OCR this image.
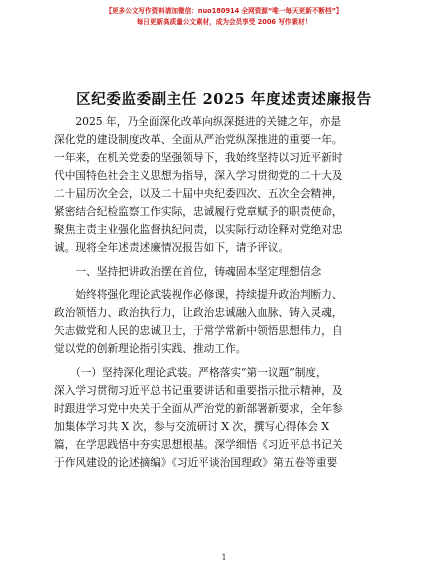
【更多公文写作资料请加微信：nuo180914 全网资源“唯一每天更新不断档”】
每日更新高质量公文素材，成为会员享受 2006 写作素材！
区纪委监委副主任 2025 年度述责述廉报告
　　2025 年，乃全面深化改革向纵深挺进的关键之年，亦是
深化党的建设制度改革、全面从严治党纵深推进的重要一年。
一年来，在机关党委的坚强领导下，我始终坚持以习近平新时
代中国特色社会主义思想为指导，深入学习贯彻党的二十大及
二十届历次全会，以及二十届中央纪委四次、五次全会精神，
紧密结合纪检监察工作实际，忠诚履行党章赋予的职责使命，
聚焦主责主业强化监督执纪问责，以实际行动诠释对党绝对忠
诚。现将全年述责述廉情况报告如下，请予评议。
　　一、坚持把讲政治摆在首位，铸魂固本坚定理想信念
　　始终将强化理论武装视作必修课，持续提升政治判断力、
政治领悟力、政治执行力，让政治忠诚融入血脉、铸入灵魂，
矢志做党和人民的忠诚卫士，于常学常新中领悟思想伟力，自
觉以党的创新理论指引实践、推动工作。
　　（一）坚持深化理论武装。严格落实“第一议题”制度，
深入学习贯彻习近平总书记重要讲话和重要指示批示精神，及
时跟进学习党中央关于全面从严治党的新部署新要求，全年参
加集体学习共 X 次，参与交流研讨 X 次，撰写心得体会 X
篇，在学思践悟中夯实思想根基。深学细悟《习近平总书记关
于作风建设的论述摘编》《习近平谈治国理政》第五卷等重要
1
